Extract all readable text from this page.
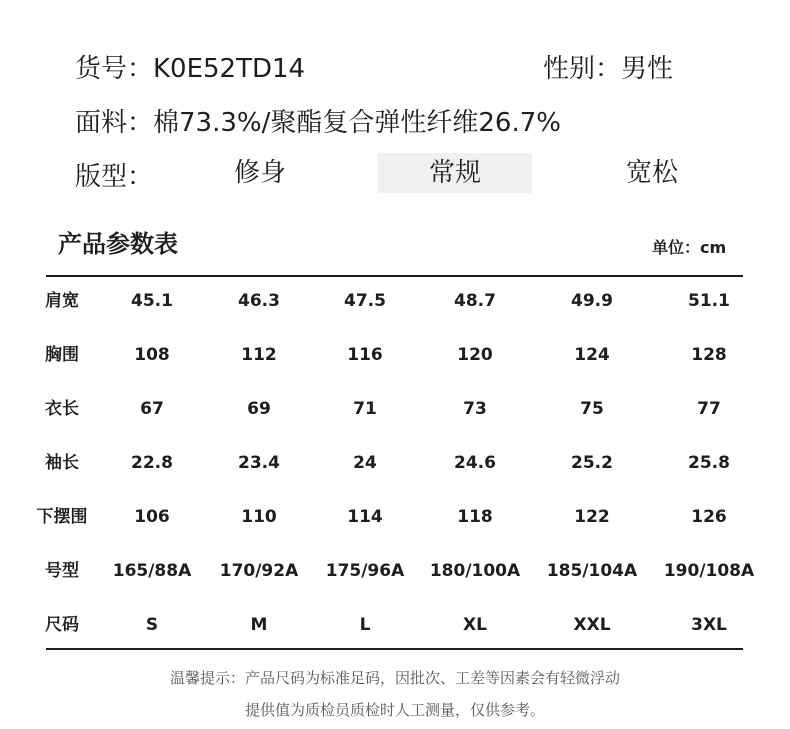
货号：K0E52TD14	性别：男性
面料：棉73.3%/聚酯复合弹性纤维26.7%
版型：	修身	常规	宽松
产品参数表	单位：cm
肩宽	45.1	46.3	47.5	48.7	49.9	51.1
胸围	108	112	116	120	124	128
衣长	67	69	71	73	75	77
袖长	22.8	23.4	24	24.6	25.2	25.8
下摆围	106	110	114	118	122	126
号型 165/88A 170/92A 175/96A 180/100A 185/104A 190/108A
尺码	S	M	L	XL	XXL	3XL
温馨提示：产品尺码为标准足码，因批次、工差等因素会有轻微浮动
提供值为质检员质检时人工测量，仅供参考。
